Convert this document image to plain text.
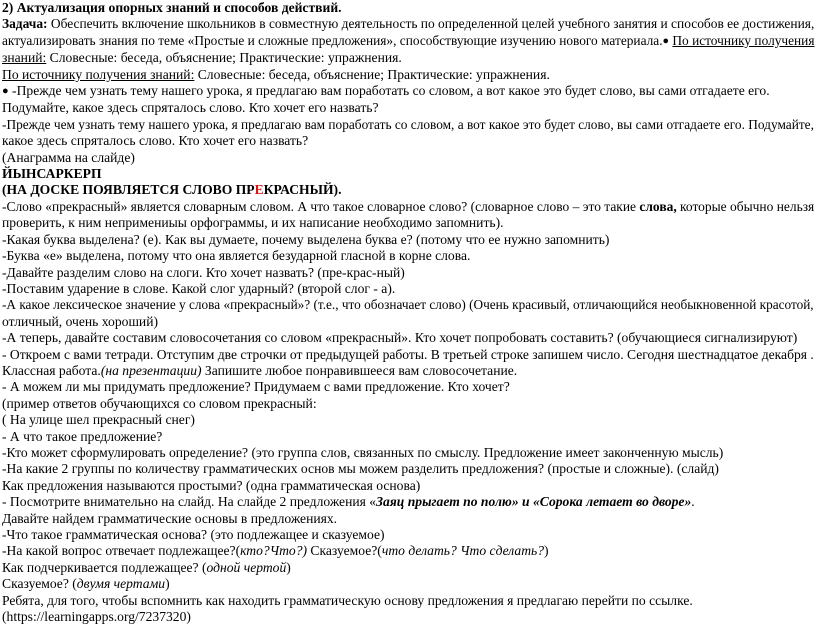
2) Актуализация опорных знаний и способов действий.
Задача: Обеспечить включение школьников в совместную деятельность по определенной целей учебного занятия и способов ее достижения,
актуализировать знания по теме «Простые и сложные предложения», способствующие изучению нового материала.● По источнику получения
знаний: Словесные: беседа, объяснение; Практические: упражнения.
По источнику получения знаний: Словесные: беседа, объяснение; Практические: упражнения.
● -Прежде чем узнать тему нашего урока, я предлагаю вам поработать со словом, а вот какое это будет слово, вы сами отгадаете его.
Подумайте, какое здесь спряталось слово. Кто хочет его назвать?
-Прежде чем узнать тему нашего урока, я предлагаю вам поработать со словом, а вот какое это будет слово, вы сами отгадаете его. Подумайте,
какое здесь спряталось слово. Кто хочет его назвать?
(Анаграмма на слайде)
ЙЫНСАРКЕРП
(НА ДОСКЕ ПОЯВЛЯЕТСЯ СЛОВО ПРЕКРАСНЫЙ).
-Слово «прекрасный» является словарным словом. А что такое словарное слово? (словарное слово – это такие слова, которые обычно нельзя
проверить, к ним непримениыы орфограммы, и их написание необходимо запомнить).
-Какая буква выделена? (е). Как вы думаете, почему выделена буква е? (потому что ее нужно запомнить)
-Буква «е» выделена, потому что она является безударной гласной в корне слова.
-Давайте разделим слово на слоги. Кто хочет назвать? (пре-крас-ный)
-Поставим ударение в слове. Какой слог ударный? (второй слог - а).
-А какое лексическое значение у слова «прекрасный»? (т.е., что обозначает слово) (Очень красивый, отличающийся необыкновенной красотой,
отличный, очень хороший)
-А теперь, давайте составим словосочетания со словом «прекрасный». Кто хочет попробовать составить? (обучающиеся сигнализируют)
- Откроем с вами тетради. Отступим две строчки от предыдущей работы. В третьей строке запишем число. Сегодня шестнадцатое декабря .
Классная работа.(на презентации) Запишите любое понравившееся вам словосочетание.
- А можем ли мы придумать предложение? Придумаем с вами предложение. Кто хочет?
(пример ответов обучающихся со словом прекрасный:
( На улице шел прекрасный снег)
- А что такое предложение?
-Кто может сформулировать определение? (это группа слов, связанных по смыслу. Предложение имеет законченную мысль)
-На какие 2 группы по количеству грамматических основ мы можем разделить предложения? (простые и сложные). (слайд)
Как предложения называются простыми? (одна грамматическая основа)
- Посмотрите внимательно на слайд. На слайде 2 предложения «Заяц прыгает по полю» и «Сорока летает во дворе».
Давайте найдем грамматические основы в предложениях.
-Что такое грамматическая основа? (это подлежащее и сказуемое)
-На какой вопрос отвечает подлежащее?(кто?Что?) Сказуемое?(что делать? Что сделать?)
Как подчеркивается подлежащее? (одной чертой)
Сказуемое? (двумя чертами)
Ребята, для того, чтобы вспомнить как находить грамматическую основу предложения я предлагаю перейти по ссылке.
(https://learningapps.org/7237320)
